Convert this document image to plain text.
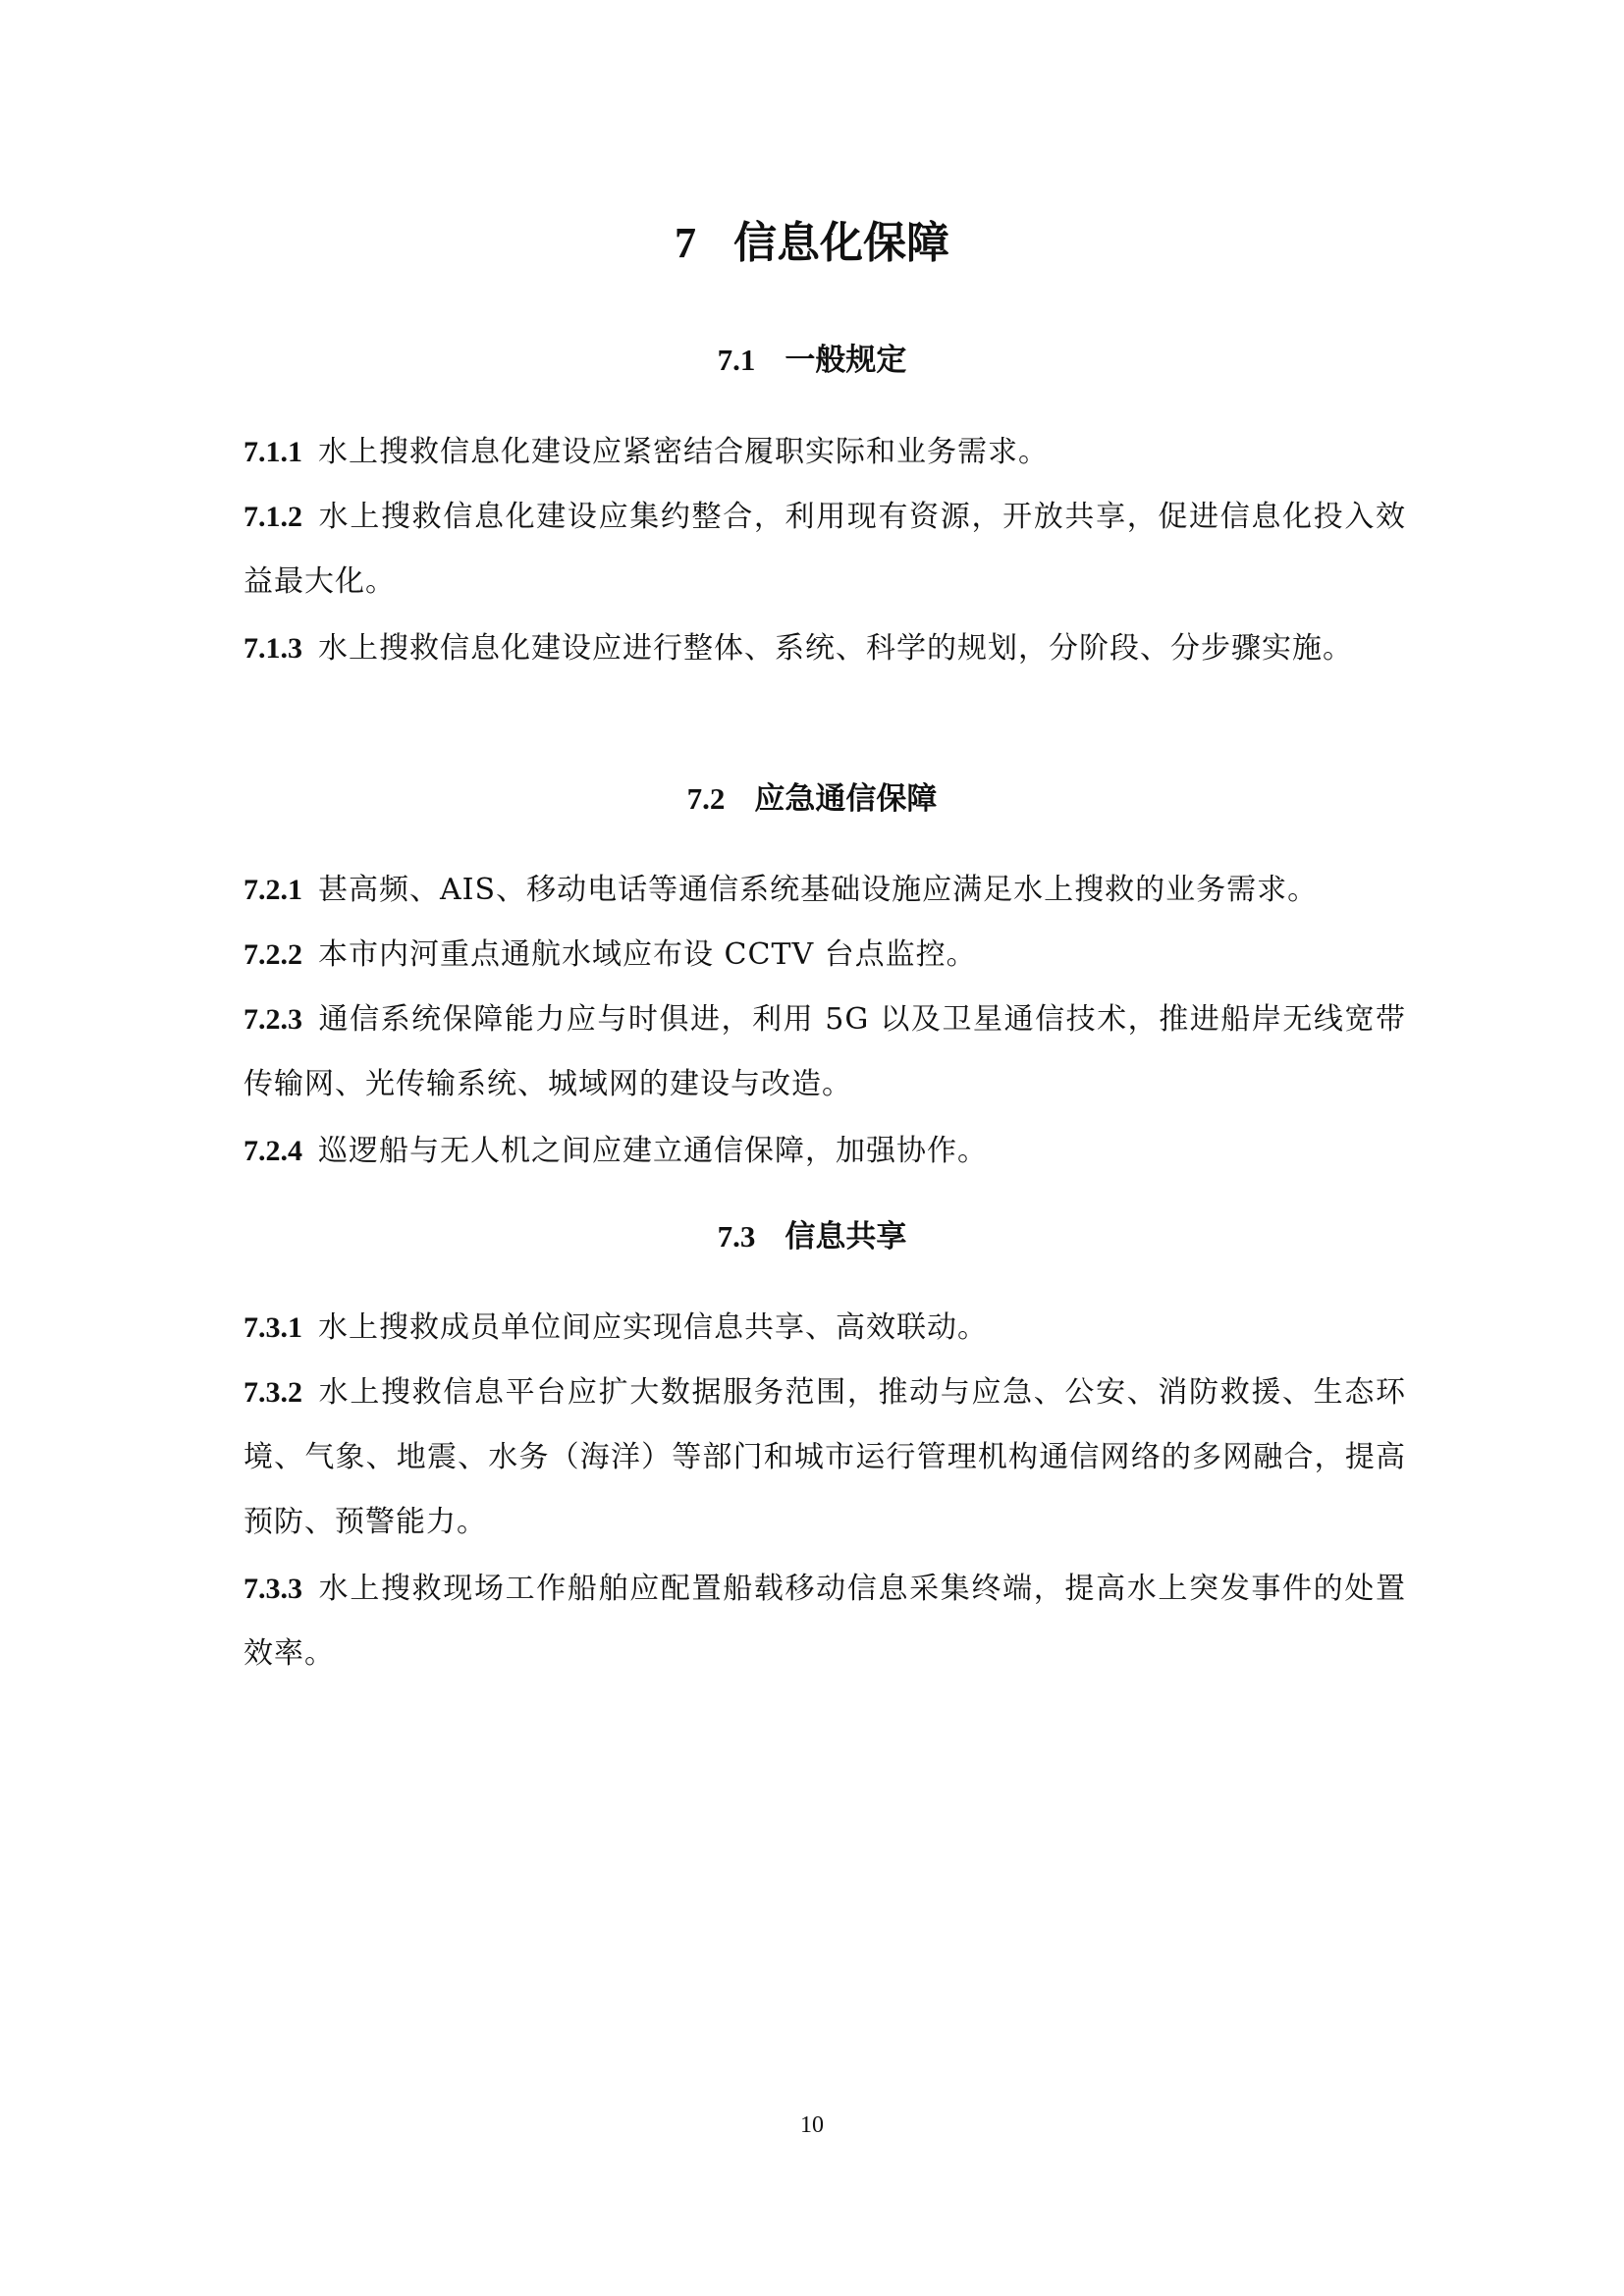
7 信息化保障
7.1 一般规定
7.1.1 水上搜救信息化建设应紧密结合履职实际和业务需求。
7.1.2 水上搜救信息化建设应集约整合，利用现有资源，开放共享，促进信息化投入效益最大化。
7.1.3 水上搜救信息化建设应进行整体、系统、科学的规划，分阶段、分步骤实施。
7.2 应急通信保障
7.2.1 甚高频、AIS、移动电话等通信系统基础设施应满足水上搜救的业务需求。
7.2.2 本市内河重点通航水域应布设 CCTV 台点监控。
7.2.3 通信系统保障能力应与时俱进，利用 5G 以及卫星通信技术，推进船岸无线宽带传输网、光传输系统、城域网的建设与改造。
7.2.4 巡逻船与无人机之间应建立通信保障，加强协作。
7.3 信息共享
7.3.1 水上搜救成员单位间应实现信息共享、高效联动。
7.3.2 水上搜救信息平台应扩大数据服务范围，推动与应急、公安、消防救援、生态环境、气象、地震、水务（海洋）等部门和城市运行管理机构通信网络的多网融合，提高预防、预警能力。
7.3.3 水上搜救现场工作船舶应配置船载移动信息采集终端，提高水上突发事件的处置效率。
10
